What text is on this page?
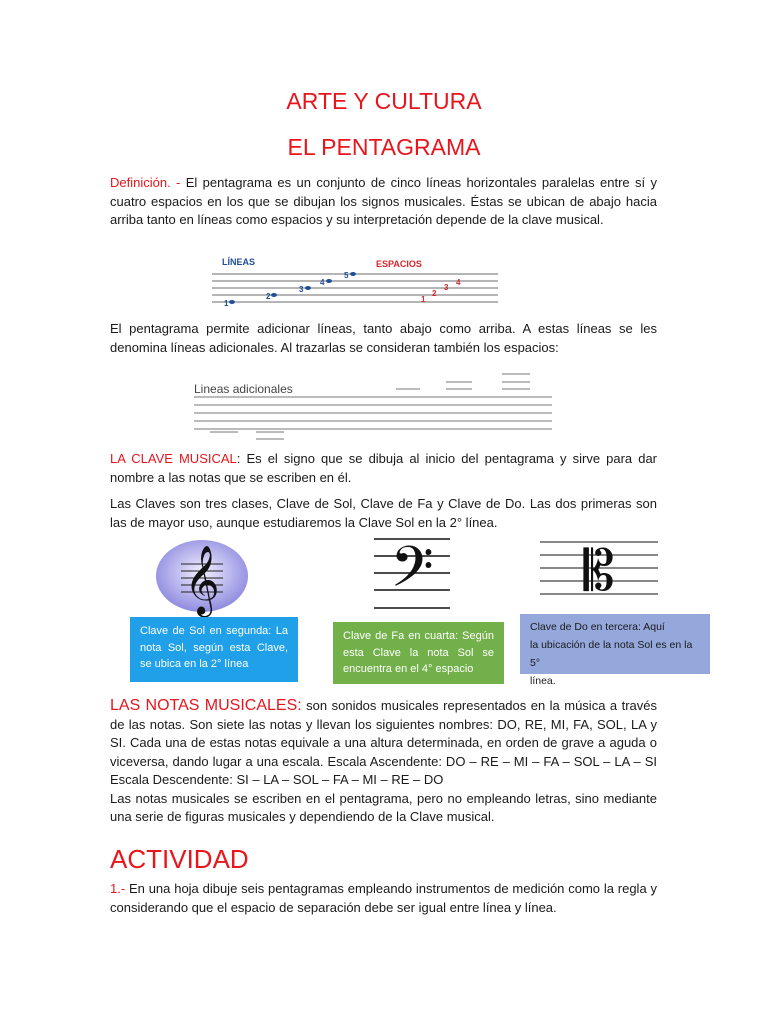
ARTE Y CULTURA
EL PENTAGRAMA
Definición. - El pentagrama es un conjunto de cinco líneas horizontales paralelas entre sí y cuatro espacios en los que se dibujan los signos musicales. Éstas se ubican de abajo hacia arriba tanto en líneas como espacios y su interpretación depende de la clave musical.
LÍNEAS	ESPACIOS
1
2
3
4
5
1
2
3
4
El pentagrama permite adicionar líneas, tanto abajo como arriba. A estas líneas se les denomina líneas adicionales. Al trazarlas se consideran también los espacios:
Lineas adicionales
LA CLAVE MUSICAL: Es el signo que se dibuja al inicio del pentagrama y sirve para dar nombre a las notas que se escriben en él.
Las Claves son tres clases, Clave de Sol, Clave de Fa y Clave de Do. Las dos primeras son las de mayor uso, aunque estudiaremos la Clave Sol en la 2° línea.
𝄞	𝄢	𝄡
Clave de Sol en segunda: La nota Sol, según esta Clave, se ubica en la 2° línea
Clave de Fa en cuarta: Según esta Clave la nota Sol se encuentra en el 4° espacio
Clave de Do en tercera: Aquí
la ubicación de la nota Sol es en la 5°
línea.
LAS NOTAS MUSICALES: son sonidos musicales representados en la música a través de las notas. Son siete las notas y llevan los siguientes nombres: DO, RE, MI, FA, SOL, LA y SI. Cada una de estas notas equivale a una altura determinada, en orden de grave a aguda o viceversa, dando lugar a una escala. Escala Ascendente: DO – RE – MI – FA – SOL – LA – SI Escala Descendente: SI – LA – SOL – FA – MI – RE – DO
Las notas musicales se escriben en el pentagrama, pero no empleando letras, sino mediante una serie de figuras musicales y dependiendo de la Clave musical.
ACTIVIDAD
1.- En una hoja dibuje seis pentagramas empleando instrumentos de medición como la regla y considerando que el espacio de separación debe ser igual entre línea y línea.
